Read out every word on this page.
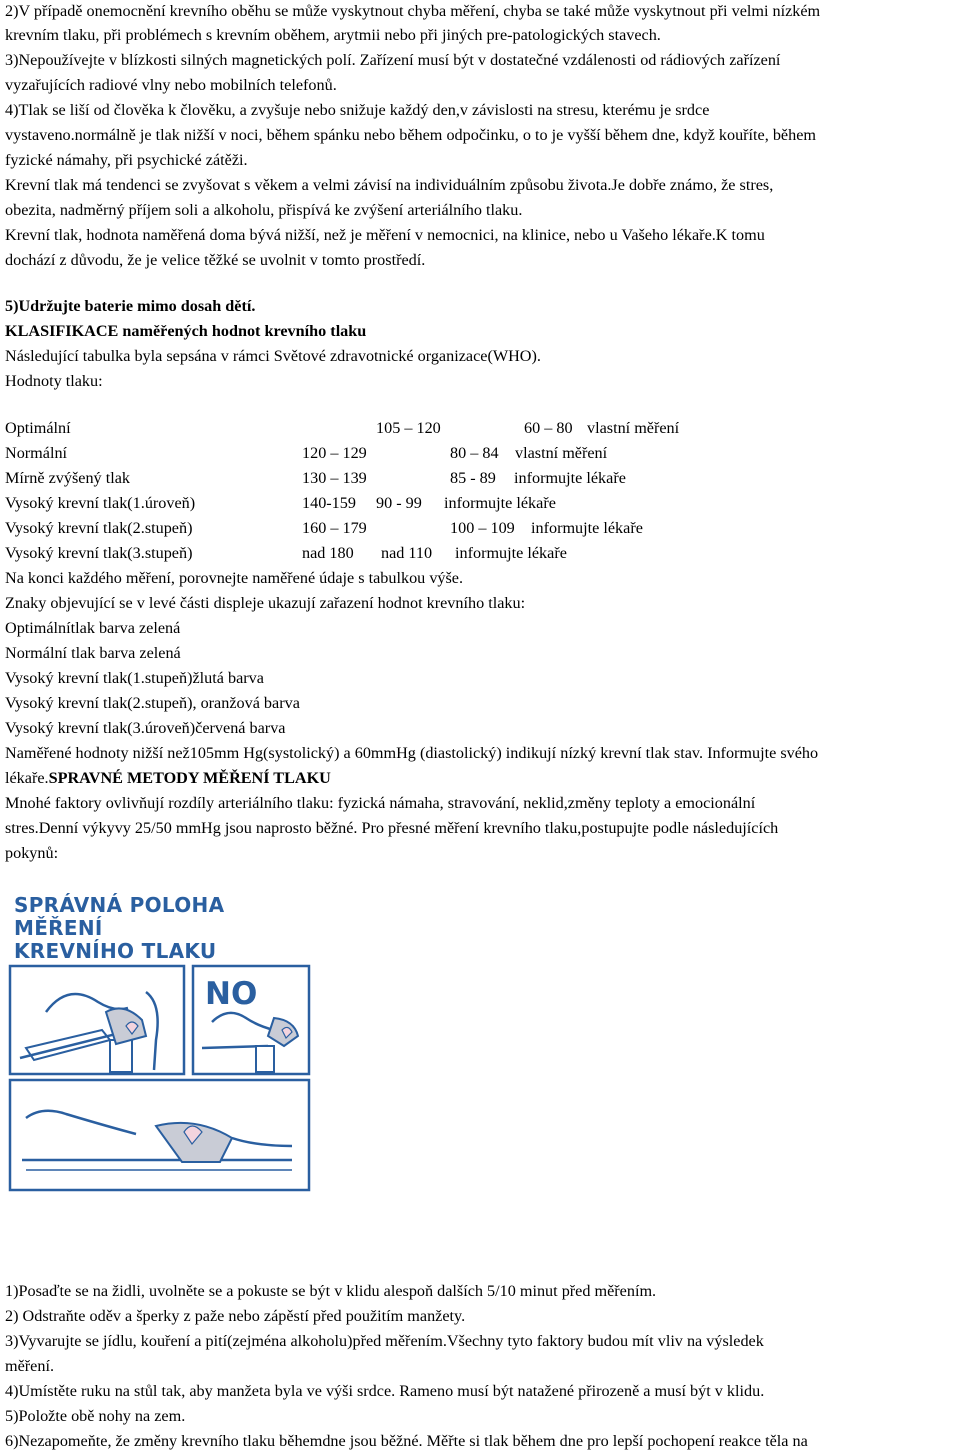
2)V případě onemocnění krevního oběhu se může vyskytnout chyba měření, chyba se také může vyskytnout při velmi nízkém
krevním tlaku, při problémech s krevním oběhem, arytmii nebo při jiných pre-patologických stavech.
3)Nepoužívejte v blízkosti silných magnetických polí. Zařízení musí být v dostatečné vzdálenosti od rádiových zařízení
vyzařujících radiové vlny nebo mobilních telefonů.
4)Tlak se liší od člověka k člověku, a zvyšuje nebo snižuje každý den,v závislosti na stresu, kterému je srdce
vystaveno.normálně je tlak nižší v noci, během spánku nebo během odpočinku, o to je vyšší během dne, když kouříte, během
fyzické námahy, při psychické zátěži.
Krevní tlak má tendenci se zvyšovat s věkem a velmi závisí na individuálním způsobu života.Je dobře známo, že stres,
obezita, nadměrný příjem soli a alkoholu, přispívá ke zvýšení arteriálního tlaku.
Krevní tlak, hodnota naměřená doma bývá nižší, než je měření v nemocnici, na klinice, nebo u Vašeho lékaře.K tomu
dochází z důvodu, že je velice těžké se uvolnit v tomto prostředí.
5)Udržujte baterie mimo dosah dětí.
KLASIFIKACE naměřených hodnot krevního tlaku
Následující tabulka byla sepsána v rámci Světové zdravotnické organizace(WHO).
Hodnoty tlaku:
Optimální	105 – 120	60 – 80 vlastní měření
Normální	120 – 129	80 – 84 vlastní měření
Mírně zvýšený tlak	130 – 139	85 - 89 informujte lékaře
Vysoký krevní tlak(1.úroveň)	140-159 90 - 99 informujte lékaře
Vysoký krevní tlak(2.stupeň)	160 – 179	100 – 109 informujte lékaře
Vysoký krevní tlak(3.stupeň)	nad 180 nad 110 informujte lékaře
Na konci každého měření, porovnejte naměřené údaje s tabulkou výše.
Znaky objevující se v levé části displeje ukazují zařazení hodnot krevního tlaku:
Optimálnítlak barva zelená
Normální tlak barva zelená
Vysoký krevní tlak(1.stupeň)žlutá barva
Vysoký krevní tlak(2.stupeň), oranžová barva
Vysoký krevní tlak(3.úroveň)červená barva
Naměřené hodnoty nižší než105mm Hg(systolický) a 60mmHg (diastolický) indikují nízký krevní tlak stav. Informujte svého
lékaře.SPRAVNÉ METODY MĚŘENÍ TLAKU
Mnohé faktory ovlivňují rozdíly arteriálního tlaku: fyzická námaha, stravování, neklid,změny teploty a emocionální
stres.Denní výkyvy 25/50 mmHg jsou naprosto běžné. Pro přesné měření krevního tlaku,postupujte podle následujících
pokynů:

SPRÁVNÁ POLOHA MĚŘENÍ
KREVNÍHO TLAKU

NO
1)Posaďte se na židli, uvolněte se a pokuste se být v klidu alespoň dalších 5/10 minut před měřením.
2) Odstraňte oděv a šperky z paže nebo zápěstí před použitím manžety.
3)Vyvarujte se jídlu, kouření a pití(zejména alkoholu)před měřením.Všechny tyto faktory budou mít vliv na výsledek
měření.
4)Umístěte ruku na stůl tak, aby manžeta byla ve výši srdce. Rameno musí být natažené přirozeně a musí být v klidu.
5)Položte obě nohy na zem.
6)Nezapomeňte, že změny krevního tlaku běhemdne jsou běžné. Měřte si tlak během dne pro lepší pochopení reakce těla na
